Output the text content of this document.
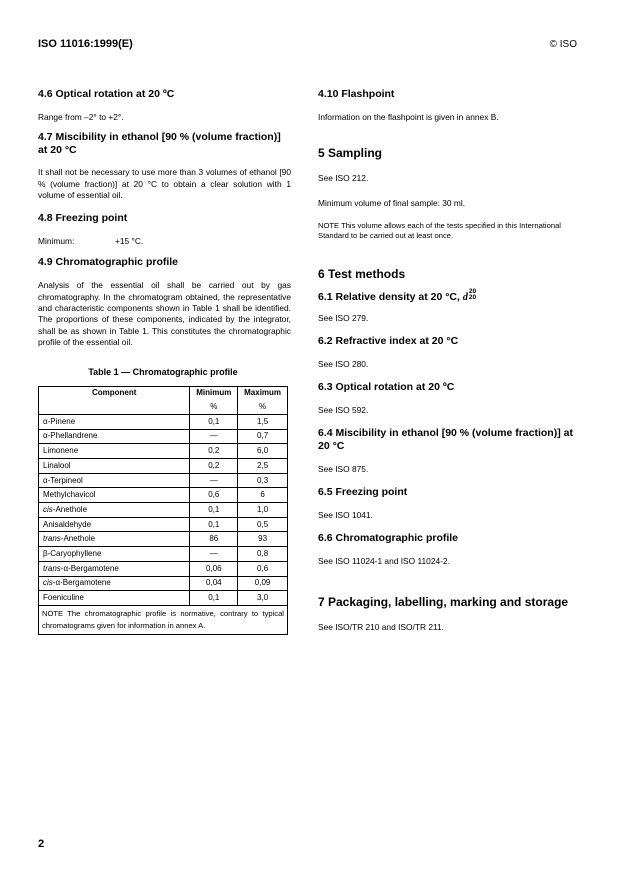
ISO 11016:1999(E)	© ISO
4.6 Optical rotation at 20 ºC

Range from –2° to +2°.

4.7 Miscibility in ethanol [90 % (volume fraction)] at 20 °C

It shall not be necessary to use more than 3 volumes of ethanol [90 % (volume fraction)] at 20 °C to obtain a clear solution with 1 volume of essential oil.

4.8 Freezing point

Minimum:	+15 °C.

4.9 Chromatographic profile

Analysis of the essential oil shall be carried out by gas chromatography. In the chromatogram obtained, the representative and characteristic components shown in Table 1 shall be identified. The proportions of these components, indicated by the integrator, shall be as shown in Table 1. This constitutes the chromatographic profile of the essential oil.

Table 1 — Chromatographic profile

Component	Minimum	Maximum
	%	%
α-Pinene	0,1	1,5
α-Phellandrene	—	0,7
Limonene	0,2	6,0
Linalool	0,2	2,5
α-Terpineol	—	0,3
Methylchavicol	0,6	6
cis-Anethole	0,1	1,0
Anisaldehyde	0,1	0,5
trans-Anethole	86	93
β-Caryophyllene	—	0,8
trans-α-Bergamotene	0,06	0,6
cis-α-Bergamotene	0,04	0,09
Foeniculine	0,1	3,0
NOTE The chromatographic profile is normative, contrary to typical chromatograms given for information in annex A.		
4.10 Flashpoint

Information on the flashpoint is given in annex B.

5 Sampling

See ISO 212.

Minimum volume of final sample: 30 ml.

NOTE This volume allows each of the tests specified in this International Standard to be carried out at least once.

6 Test methods
6.1 Relative density at 20 °C, d
20
20

See ISO 279.

6.2 Refractive index at 20 °C

See ISO 280.

6.3 Optical rotation at 20 ºC

See ISO 592.

6.4 Miscibility in ethanol [90 % (volume fraction)] at 20 °C

See ISO 875.

6.5 Freezing point

See ISO 1041.

6.6 Chromatographic profile

See ISO 11024-1 and ISO 11024-2.

7 Packaging, labelling, marking and storage

See ISO/TR 210 and ISO/TR 211.

2
